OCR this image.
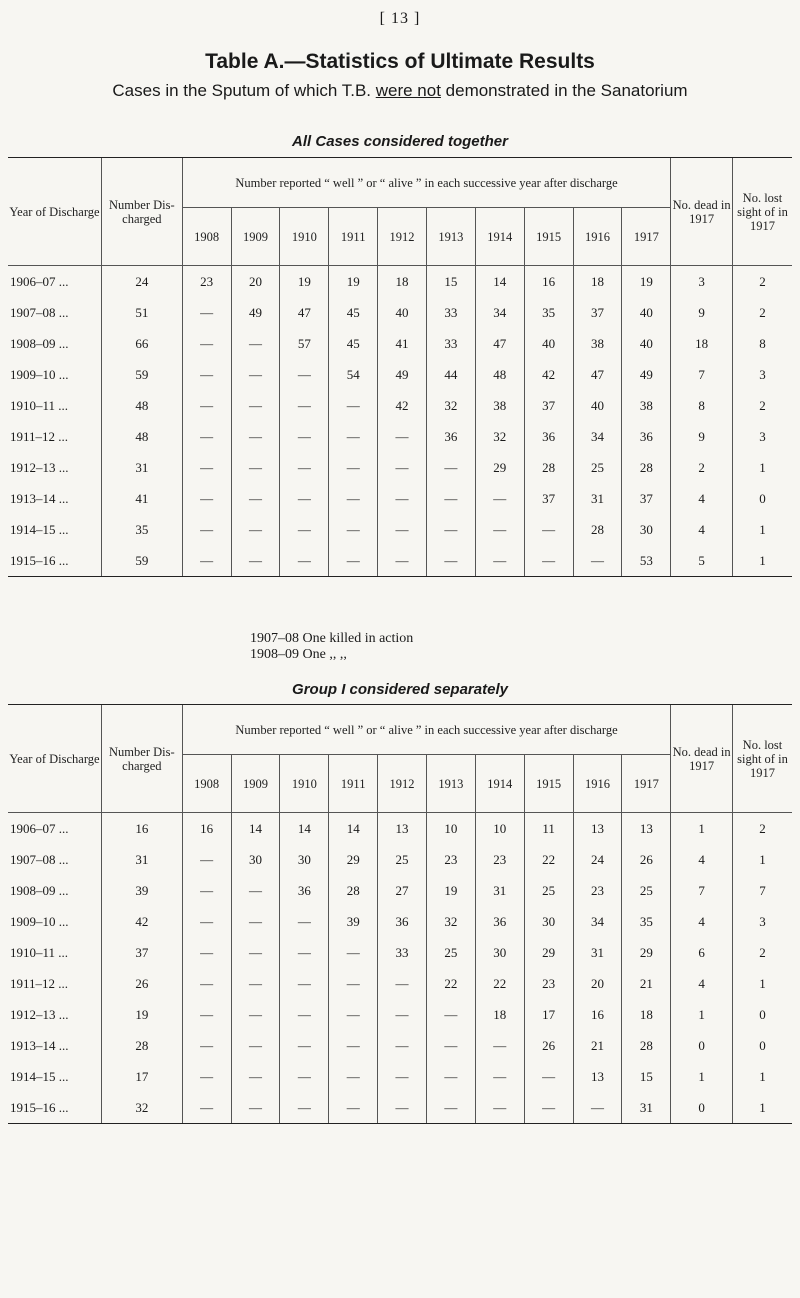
[ 13 ]
Table A.—Statistics of Ultimate Results
Cases in the Sputum of which T.B. were not demonstrated in the Sanatorium
All Cases considered together
Year of Discharge	Number Dis- charged	Number reported “ well ” or “ alive ” in each successive year after discharge										No. dead in 1917	No. lost sight of in 1917
		1908	1909	1910	1911	1912	1913	1914	1915	1916	1917		
1906–07 ...	24	23	20	19	19	18	15	14	16	18	19	3	2
1907–08 ...	51	—	49	47	45	40	33	34	35	37	40	9	2
1908–09 ...	66	—	—	57	45	41	33	47	40	38	40	18	8
1909–10 ...	59	—	—	—	54	49	44	48	42	47	49	7	3
1910–11 ...	48	—	—	—	—	42	32	38	37	40	38	8	2
1911–12 ...	48	—	—	—	—	—	36	32	36	34	36	9	3
1912–13 ...	31	—	—	—	—	—	—	29	28	25	28	2	1
1913–14 ...	41	—	—	—	—	—	—	—	37	31	37	4	0
1914–15 ...	35	—	—	—	—	—	—	—	—	28	30	4	1
1915–16 ...	59	—	—	—	—	—	—	—	—	—	53	5	1
1907–08 One killed in action
1908–09 One ,, ,,
Group I considered separately
Year of Discharge	Number Dis- charged	Number reported “ well ” or “ alive ” in each successive year after discharge										No. dead in 1917	No. lost sight of in 1917
		1908	1909	1910	1911	1912	1913	1914	1915	1916	1917		
1906–07 ...	16	16	14	14	14	13	10	10	11	13	13	1	2
1907–08 ...	31	—	30	30	29	25	23	23	22	24	26	4	1
1908–09 ...	39	—	—	36	28	27	19	31	25	23	25	7	7
1909–10 ...	42	—	—	—	39	36	32	36	30	34	35	4	3
1910–11 ...	37	—	—	—	—	33	25	30	29	31	29	6	2
1911–12 ...	26	—	—	—	—	—	22	22	23	20	21	4	1
1912–13 ...	19	—	—	—	—	—	—	18	17	16	18	1	0
1913–14 ...	28	—	—	—	—	—	—	—	26	21	28	0	0
1914–15 ...	17	—	—	—	—	—	—	—	—	13	15	1	1
1915–16 ...	32	—	—	—	—	—	—	—	—	—	31	0	1
